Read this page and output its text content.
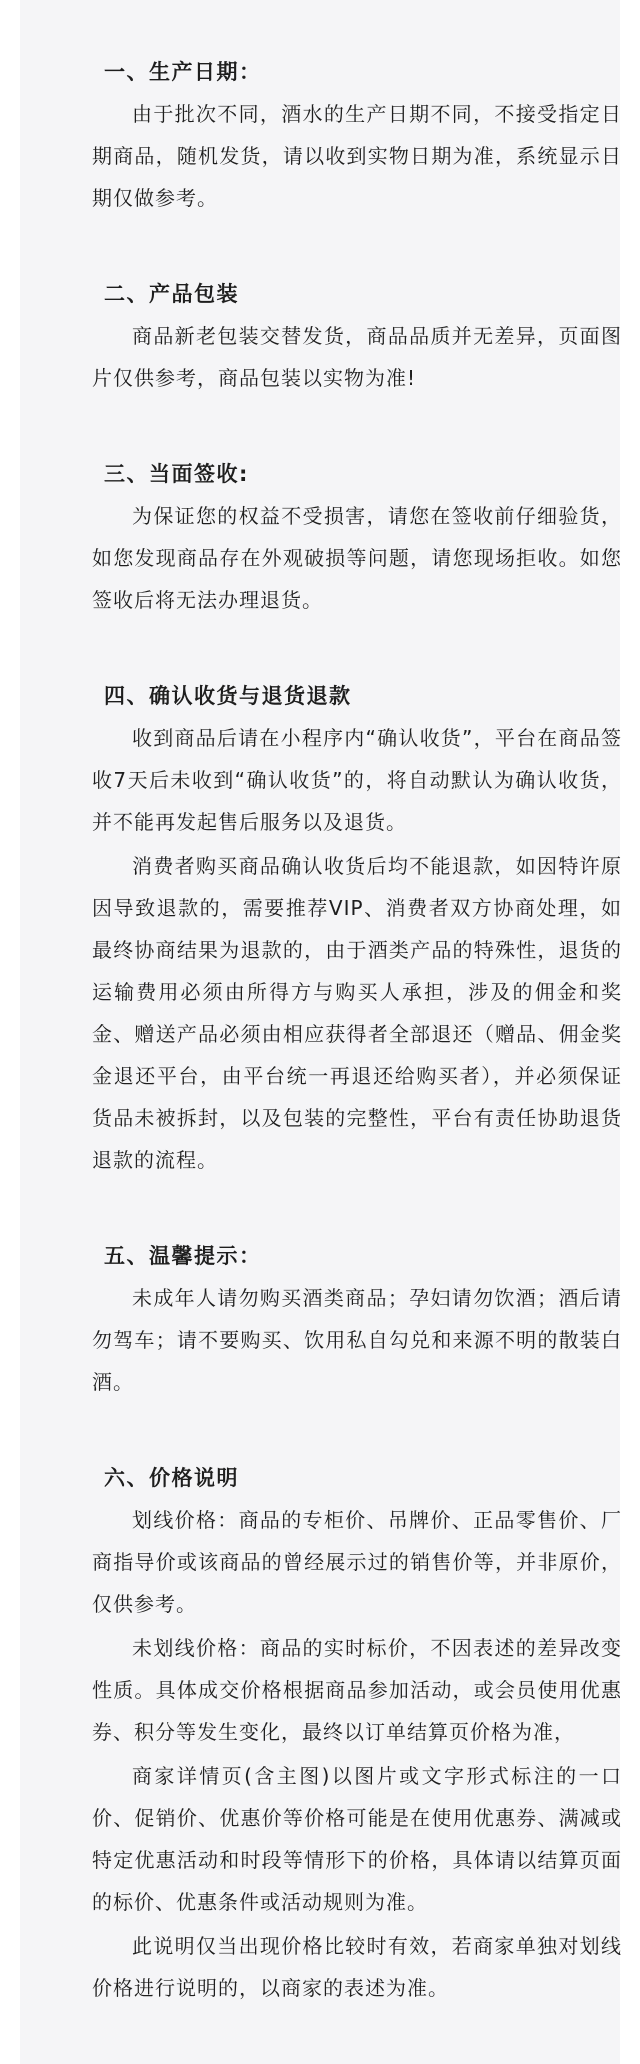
一、生产日期：

由于批次不同，酒水的生产日期不同，不接受指定日期商品，随机发货，请以收到实物日期为准，系统显示日期仅做参考。

二、产品包装

商品新老包装交替发货，商品品质并无差异，页面图片仅供参考，商品包装以实物为准!

三、当面签收:

为保证您的权益不受损害，请您在签收前仔细验货，如您发现商品存在外观破损等问题，请您现场拒收。如您签收后将无法办理退货。

四、确认收货与退货退款

收到商品后请在小程序内“确认收货”，平台在商品签收7天后未收到“确认收货”的，将自动默认为确认收货，并不能再发起售后服务以及退货。

消费者购买商品确认收货后均不能退款，如因特许原因导致退款的，需要推荐VIP、消费者双方协商处理，如最终协商结果为退款的，由于酒类产品的特殊性，退货的运输费用必须由所得方与购买人承担，涉及的佣金和奖金、赠送产品必须由相应获得者全部退还（赠品、佣金奖金退还平台，由平台统一再退还给购买者），并必须保证货品未被拆封，以及包装的完整性，平台有责任协助退货退款的流程。

五、温馨提示：

未成年人请勿购买酒类商品；孕妇请勿饮酒；酒后请勿驾车；请不要购买、饮用私自勾兑和来源不明的散装白酒。

六、价格说明

划线价格：商品的专柜价、吊牌价、正品零售价、厂商指导价或该商品的曾经展示过的销售价等，并非原价，仅供参考。

未划线价格：商品的实时标价，不因表述的差异改变性质。具体成交价格根据商品参加活动，或会员使用优惠券、积分等发生变化，最终以订单结算页价格为准，

商家详情页(含主图)以图片或文字形式标注的一口价、促销价、优惠价等价格可能是在使用优惠券、满减或特定优惠活动和时段等情形下的价格，具体请以结算页面的标价、优惠条件或活动规则为准。

此说明仅当出现价格比较时有效，若商家单独对划线价格进行说明的，以商家的表述为准。
